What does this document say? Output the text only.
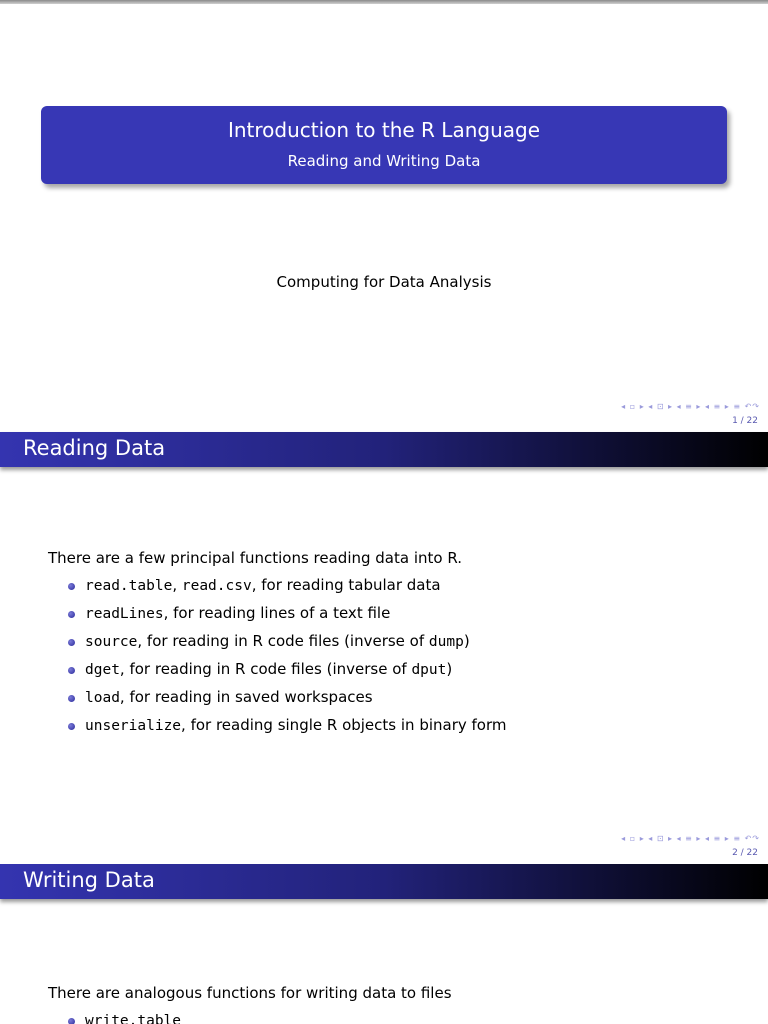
Introduction to the R Language
Reading and Writing Data
Computing for Data Analysis
◂ ▫ ▸ ◂ ⊡ ▸ ◂ ≡ ▸ ◂ ≡ ▸ ≡ ↶↷
1 / 22
Reading Data
There are a few principal functions reading data into R.
read.table, read.csv, for reading tabular data
readLines, for reading lines of a text file
source, for reading in R code files (inverse of dump)
dget, for reading in R code files (inverse of dput)
load, for reading in saved workspaces
unserialize, for reading single R objects in binary form
◂ ▫ ▸ ◂ ⊡ ▸ ◂ ≡ ▸ ◂ ≡ ▸ ≡ ↶↷
2 / 22
Writing Data
There are analogous functions for writing data to files
write.table
